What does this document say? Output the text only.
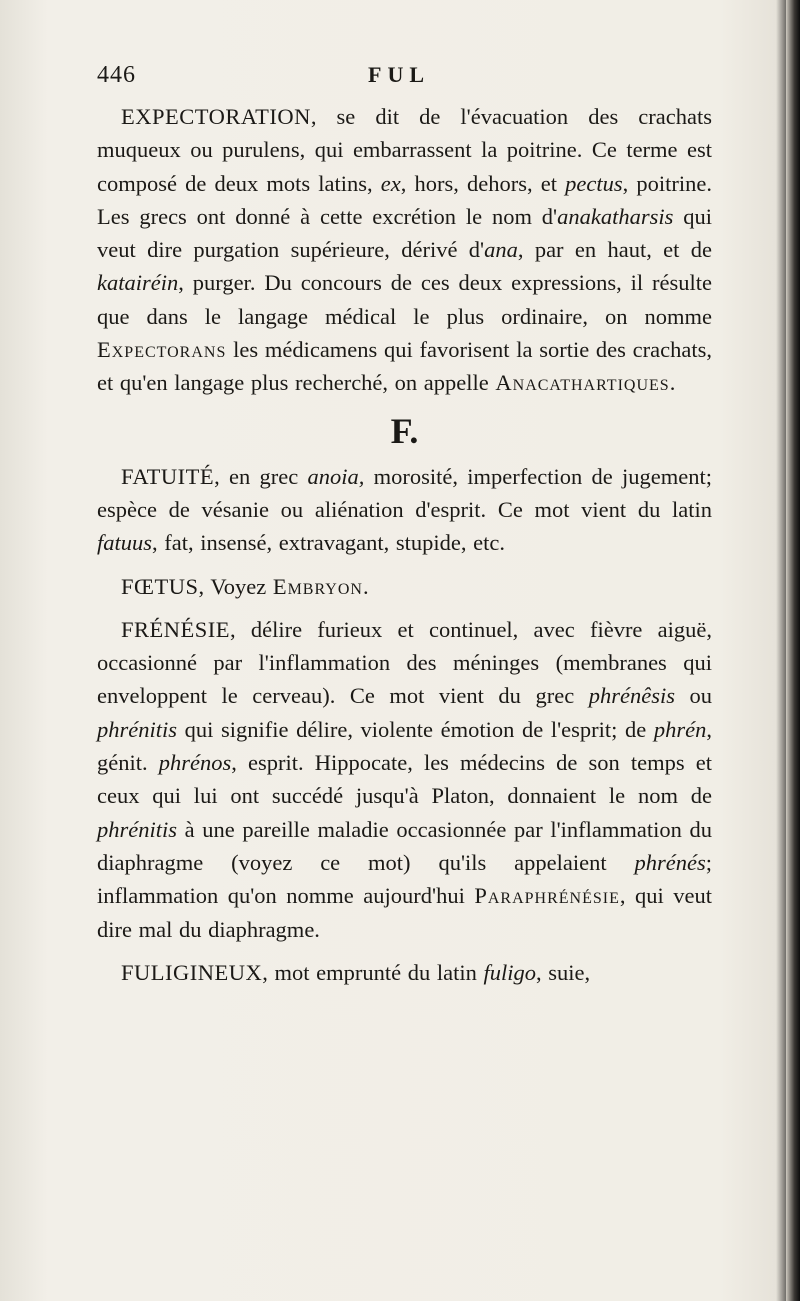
446	FUL

EXPECTORATION, se dit de l'évacuation des crachats muqueux ou purulens, qui embarrassent la poitrine. Ce terme est composé de deux mots latins, ex, hors, dehors, et pectus, poitrine. Les grecs ont donné à cette excrétion le nom d'anakatharsis qui veut dire purgation supérieure, dérivé d'ana, par en haut, et de katairéin, purger. Du concours de ces deux expressions, il résulte que dans le langage médical le plus ordinaire, on nomme Expectorans les médicamens qui favorisent la sortie des crachats, et qu'en langage plus recherché, on appelle Anacathartiques.

F.

FATUITÉ, en grec anoia, morosité, imperfection de jugement; espèce de vésanie ou aliénation d'esprit. Ce mot vient du latin fatuus, fat, insensé, extravagant, stupide, etc.

FŒTUS, Voyez Embryon.

FRÉNÉSIE, délire furieux et continuel, avec fièvre aiguë, occasionné par l'inflammation des méninges (membranes qui enveloppent le cerveau). Ce mot vient du grec phrénêsis ou phrénitis qui signifie délire, violente émotion de l'esprit; de phrén, génit. phrénos, esprit. Hippocate, les médecins de son temps et ceux qui lui ont succédé jusqu'à Platon, donnaient le nom de phrénitis à une pareille maladie occasionnée par l'inflammation du diaphragme (voyez ce mot) qu'ils appelaient phrénés; inflammation qu'on nomme aujourd'hui Paraphrénésie, qui veut dire mal du diaphragme.

FULIGINEUX, mot emprunté du latin fuligo, suie,
